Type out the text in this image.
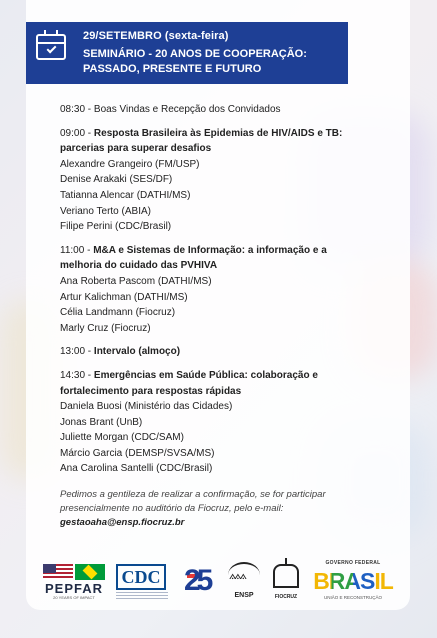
29/SETEMBRO (sexta-feira)
SEMINÁRIO - 20 ANOS DE COOPERAÇÃO:
PASSADO, PRESENTE E FUTURO
08:30 - Boas Vindas e Recepção dos Convidados
09:00 - Resposta Brasileira às Epidemias de HIV/AIDS e TB:
parcerias para superar desafios
Alexandre Grangeiro (FM/USP)
Denise Arakaki (SES/DF)
Tatianna Alencar (DATHI/MS)
Veriano Terto (ABIA)
Filipe Perini (CDC/Brasil)
11:00 - M&A e Sistemas de Informação: a informação e a
melhoria do cuidado das PVHIVA
Ana Roberta Pascom (DATHI/MS)
Artur Kalichman (DATHI/MS)
Célia Landmann (Fiocruz)
Marly Cruz (Fiocruz)
13:00 - Intervalo (almoço)
14:30 - Emergências em Saúde Pública: colaboração e
fortalecimento para respostas rápidas
Daniela Buosi (Ministério das Cidades)
Jonas Brant (UnB)
Juliette Morgan (CDC/SAM)
Márcio Garcia (DEMSP/SVSA/MS)
Ana Carolina Santelli (CDC/Brasil)
Pedimos a gentileza de realizar a confirmação, se for participar
presencialmente no auditório da Fiocruz, pelo e-mail:
gestaoaha@ensp.fiocruz.br
PEPFAR
20 YEARS OF IMPACT
CDC 25
⟑⟑⟑	ENSP	FIOCRUZ
GOVERNO FEDERAL
BRASIL
UNIÃO E RECONSTRUÇÃO
